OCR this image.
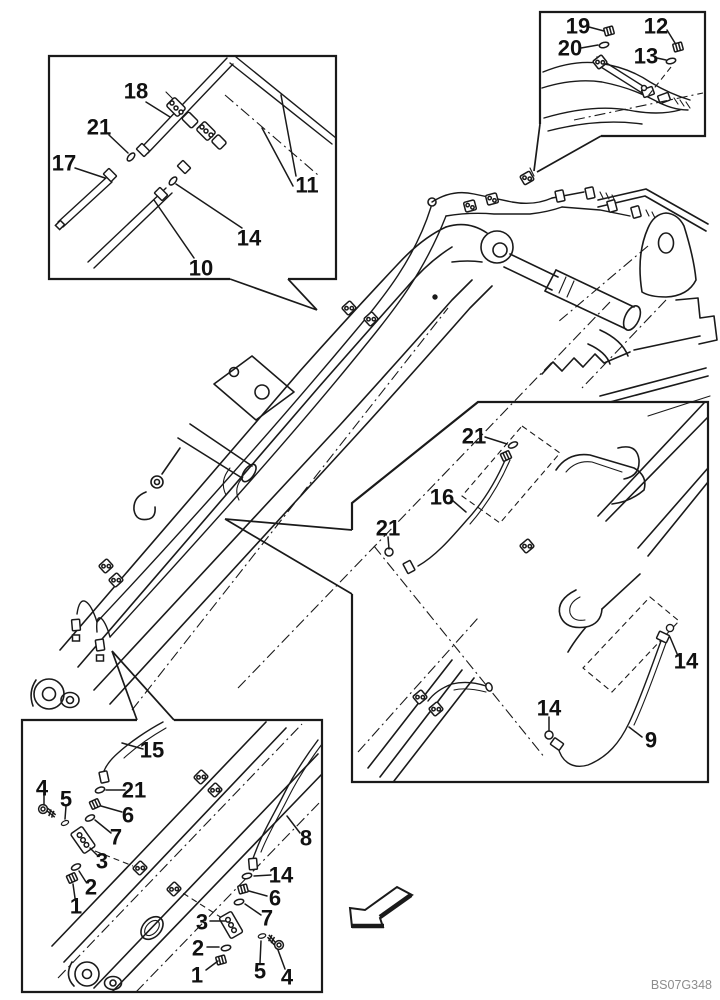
BS07G348
18
21
17
11
14
10
19
20
12
13
21
16
21
14
14
9
15
4 5 21
6
7
3
2
1
8
14
6
7
3
2
1 5 4
